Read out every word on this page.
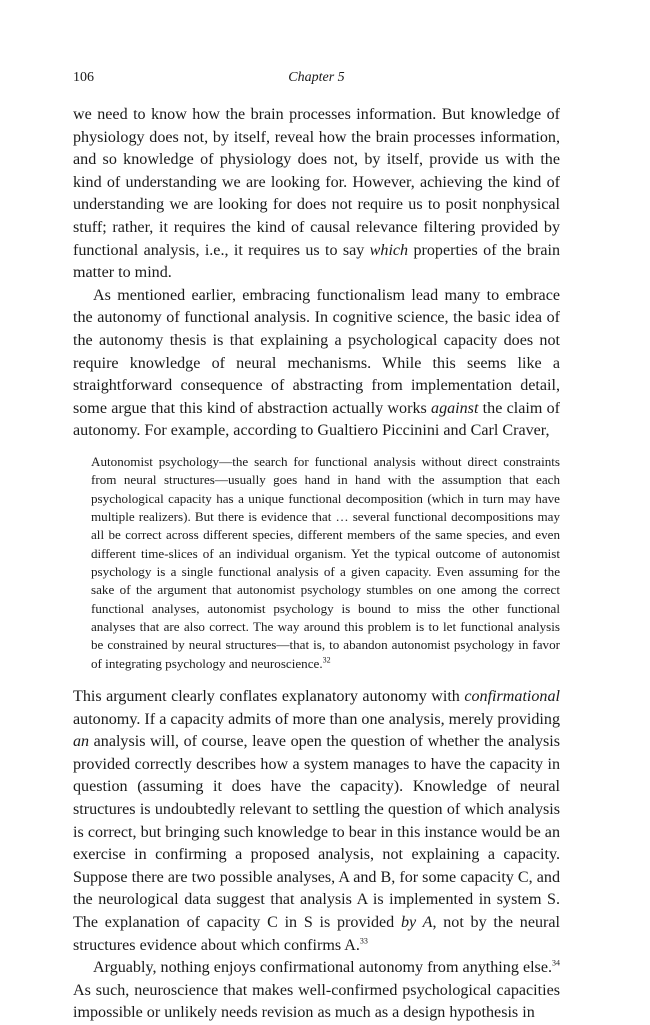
106	Chapter 5

we need to know how the brain processes information. But knowledge of physiology does not, by itself, reveal how the brain processes information, and so knowledge of physiology does not, by itself, provide us with the kind of understanding we are looking for. However, achieving the kind of understanding we are looking for does not require us to posit nonphysical stuff; rather, it requires the kind of causal relevance filtering provided by functional analysis, i.e., it requires us to say which properties of the brain matter to mind.

As mentioned earlier, embracing functionalism lead many to embrace the autonomy of functional analysis. In cognitive science, the basic idea of the autonomy thesis is that explaining a psychological capacity does not require knowledge of neural mechanisms. While this seems like a straightforward consequence of abstracting from implementation detail, some argue that this kind of abstraction actually works against the claim of autonomy. For example, according to Gualtiero Piccinini and Carl Craver,

Autonomist psychology—the search for functional analysis without direct constraints from neural structures—usually goes hand in hand with the assumption that each psychological capacity has a unique functional decomposition (which in turn may have multiple realizers). But there is evidence that … several functional decompositions may all be correct across different species, different members of the same species, and even different time-slices of an individual organism. Yet the typical outcome of autonomist psychology is a single functional analysis of a given capacity. Even assuming for the sake of the argument that autonomist psychology stumbles on one among the correct functional analyses, autonomist psychology is bound to miss the other functional analyses that are also correct. The way around this problem is to let functional analysis be constrained by neural structures—that is, to abandon autonomist psychology in favor of integrating psychology and neuroscience.$^{32}$

This argument clearly conflates explanatory autonomy with confirmational autonomy. If a capacity admits of more than one analysis, merely providing an analysis will, of course, leave open the question of whether the analysis provided correctly describes how a system manages to have the capacity in question (assuming it does have the capacity). Knowledge of neural structures is undoubtedly relevant to settling the question of which analysis is correct, but bringing such knowledge to bear in this instance would be an exercise in confirming a proposed analysis, not explaining a capacity. Suppose there are two possible analyses, A and B, for some capacity C, and the neurological data suggest that analysis A is implemented in system S. The explanation of capacity C in S is provided by A, not by the neural structures evidence about which confirms A.$^{33}$

Arguably, nothing enjoys confirmational autonomy from anything else.$^{34}$ As such, neuroscience that makes well-confirmed psychological capacities impossible or unlikely needs revision as much as a design hypothesis in
